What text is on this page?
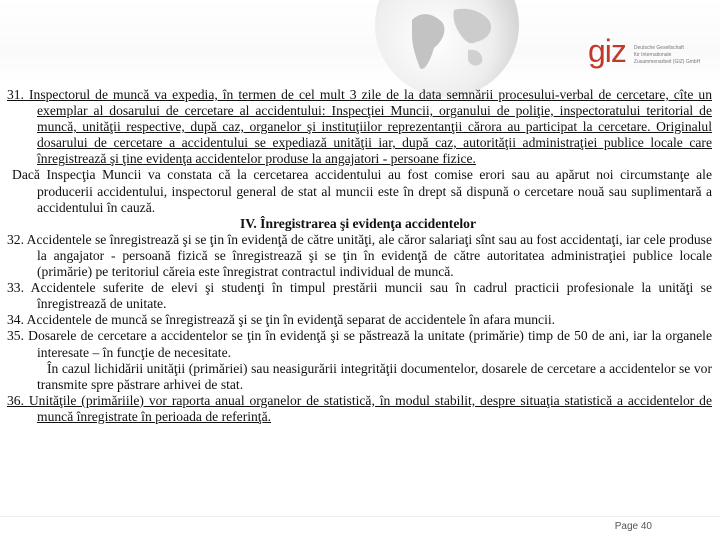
giz Deutsche Gesellschaft
für Internationale
Zusammenarbeit (GIZ) GmbH

31. Inspectorul de muncă va expedia, în termen de cel mult 3 zile de la data semnării procesului-verbal de cercetare, cîte un exemplar al dosarului de cercetare al accidentului: Inspecţiei Muncii, organului de poliţie, inspectoratului teritorial de muncă, unităţii respective, după caz, organelor şi instituţiilor reprezentanţii cărora au participat la cercetare. Originalul dosarului de cercetare a accidentului se expediază unităţii iar, după caz, autorităţii administraţiei publice locale care înregistrează şi ţine evidenţa accidentelor produse la angajatori - persoane fizice.

Dacă Inspecţia Muncii va constata că la cercetarea accidentului au fost comise erori sau au apărut noi circumstanţe ale producerii accidentului, inspectorul general de stat al muncii este în drept să dispună o cercetare nouă sau suplimentară a accidentului în cauză.

IV. Înregistrarea şi evidenţa accidentelor

32. Accidentele se înregistrează şi se ţin în evidenţă de către unităţi, ale căror salariaţi sînt sau au fost accidentaţi, iar cele produse la angajator - persoană fizică se înregistrează şi se ţin în evidenţă de către autoritatea administraţiei publice locale (primărie) pe teritoriul căreia este înregistrat contractul individual de muncă.

33. Accidentele suferite de elevi şi studenţi în timpul prestării muncii sau în cadrul practicii profesionale la unităţi se înregistrează de unitate.

34. Accidentele de muncă se înregistrează şi se ţin în evidenţă separat de accidentele în afara muncii.

35. Dosarele de cercetare a accidentelor se ţin în evidenţă şi se păstrează la unitate (primărie) timp de 50 de ani, iar la organele interesate – în funcţie de necesitate.

În cazul lichidării unităţii (primăriei) sau neasigurării integrităţii documentelor, dosarele de cercetare a accidentelor se vor transmite spre păstrare arhivei de stat.

36. Unităţile (primăriile) vor raporta anual organelor de statistică, în modul stabilit, despre situaţia statistică a accidentelor de muncă înregistrate în perioada de referinţă.

Page 40
